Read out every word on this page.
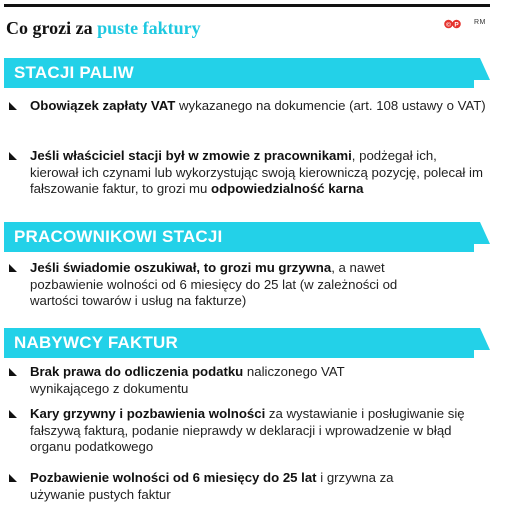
Co grozi za puste faktury	© P RM
STACJI PALIW
Obowiązek zapłaty VAT wykazanego na dokumencie (art. 108 ustawy o VAT)
Jeśli właściciel stacji był w zmowie z pracownikami, podżegał ich, kierował ich czynami lub wykorzystując swoją kierowniczą pozycję, polecał im fałszowanie faktur, to grozi mu odpowiedzialność karna
PRACOWNIKOWI STACJI
Jeśli świadomie oszukiwał, to grozi mu grzywna, a nawet pozbawienie wolności od 6 miesięcy do 25 lat (w zależności od wartości towarów i usług na fakturze)
NABYWCY FAKTUR
Brak prawa do odliczenia podatku naliczonego VAT wynikającego z dokumentu
Kary grzywny i pozbawienia wolności za wystawianie i posługiwanie się fałszywą fakturą, podanie nieprawdy w deklaracji i wprowadzenie w błąd organu podatkowego
Pozbawienie wolności od 6 miesięcy do 25 lat i grzywna za używanie pustych faktur
